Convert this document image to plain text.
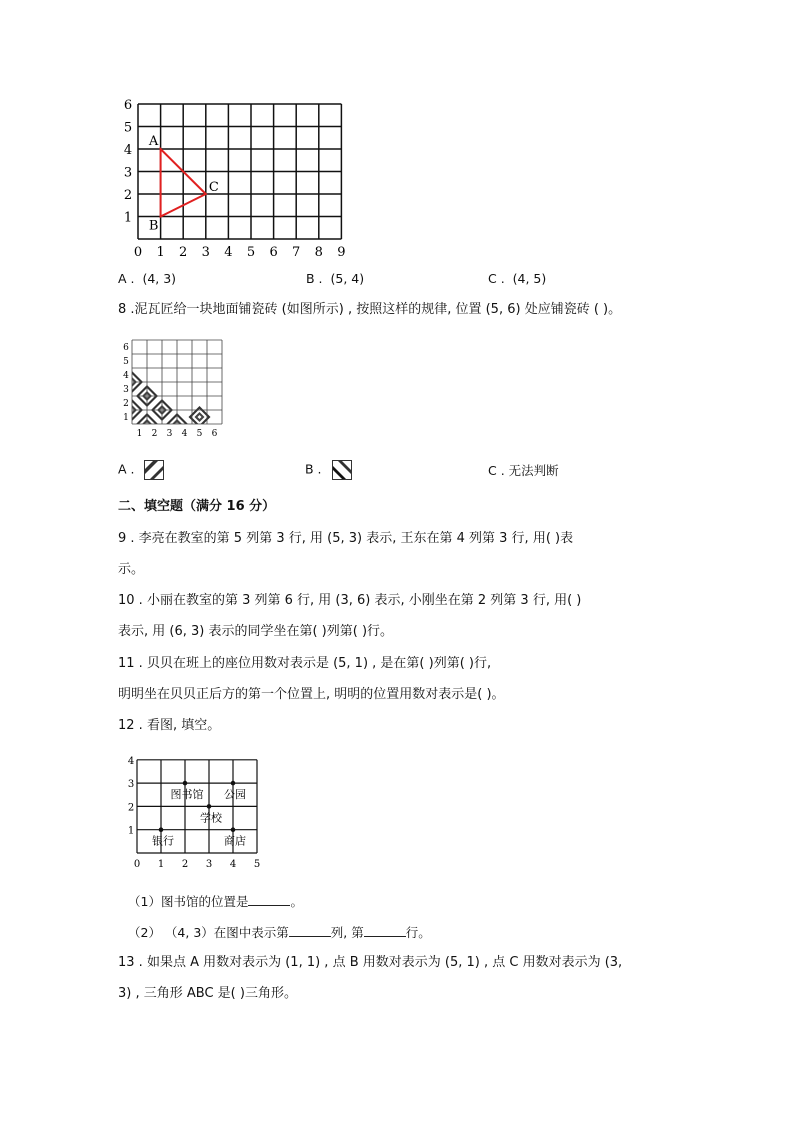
0 1 2 3 4 5 6 7 8 9
1
2
3
4
5
6
A
B
C
A . (4, 3)	B . (5, 4)	C . (4, 5)
8 .泥瓦匠给一块地面铺瓷砖 (如图所示) , 按照这样的规律, 位置 (5, 6) 处应铺瓷砖 ( )。
1 2 3 4 5 6
1
2
3
4
5
6
A .	B .	C . 无法判断
二、填空题（满分 16 分）
9 . 李亮在教室的第 5 列第 3 行, 用 (5, 3) 表示, 王东在第 4 列第 3 行, 用( )表
示。
10 . 小丽在教室的第 3 列第 6 行, 用 (3, 6) 表示, 小刚坐在第 2 列第 3 行, 用( )
表示, 用 (6, 3) 表示的同学坐在第( )列第( )行。
11 . 贝贝在班上的座位用数对表示是 (5, 1) , 是在第( )列第( )行,
明明坐在贝贝正后方的第一个位置上, 明明的位置用数对表示是( )。
12 . 看图, 填空。
0 1 2 3 4 5
1
2
3
4
图书馆 公园
学校
银行	商店
（1）图书馆的位置是	。
（2） （4, 3）在图中表示第	列, 第	行。
13 . 如果点 A 用数对表示为 (1, 1) , 点 B 用数对表示为 (5, 1) , 点 C 用数对表示为 (3,
3) , 三角形 ABC 是( )三角形。
